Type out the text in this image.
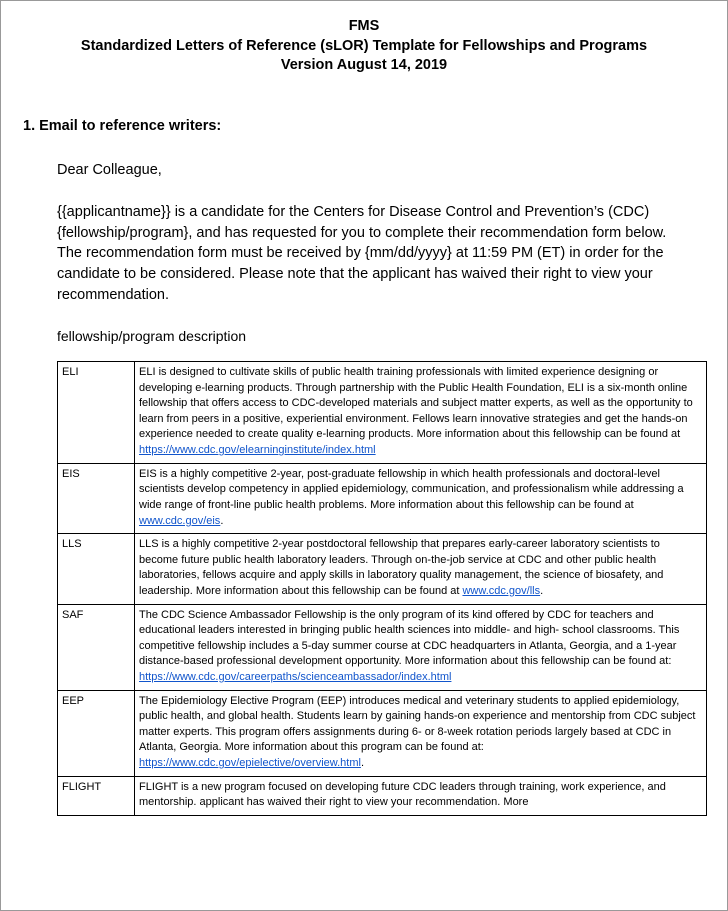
FMS
Standardized Letters of Reference (sLOR) Template for Fellowships and Programs
Version August 14, 2019
1. Email to reference writers:
Dear Colleague,
{{applicantname}} is a candidate for the Centers for Disease Control and Prevention’s (CDC) {fellowship/program}, and has requested for you to complete their recommendation form below. The recommendation form must be received by {mm/dd/yyyy} at 11:59 PM (ET) in order for the candidate to be considered. Please note that the applicant has waived their right to view your recommendation.
fellowship/program description
ELI	ELI is designed to cultivate skills of public health training professionals with limited experience designing or developing e-learning products. Through partnership with the Public Health Foundation, ELI is a six-month online fellowship that offers access to CDC-developed materials and subject matter experts, as well as the opportunity to learn from peers in a positive, experiential environment. Fellows learn innovative strategies and get the hands-on experience needed to create quality e-learning products. More information about this fellowship can be found at https://www.cdc.gov/elearninginstitute/index.html
EIS	EIS is a highly competitive 2-year, post-graduate fellowship in which health professionals and doctoral-level scientists develop competency in applied epidemiology, communication, and professionalism while addressing a wide range of front-line public health problems. More information about this fellowship can be found at www.cdc.gov/eis.
LLS	LLS is a highly competitive 2-year postdoctoral fellowship that prepares early-career laboratory scientists to become future public health laboratory leaders. Through on-the-job service at CDC and other public health laboratories, fellows acquire and apply skills in laboratory quality management, the science of biosafety, and leadership. More information about this fellowship can be found at www.cdc.gov/lls.
SAF	The CDC Science Ambassador Fellowship is the only program of its kind offered by CDC for teachers and educational leaders interested in bringing public health sciences into middle- and high- school classrooms. This competitive fellowship includes a 5-day summer course at CDC headquarters in Atlanta, Georgia, and a 1-year distance-based professional development opportunity. More information about this fellowship can be found at: https://www.cdc.gov/careerpaths/scienceambassador/index.html
EEP	The Epidemiology Elective Program (EEP) introduces medical and veterinary students to applied epidemiology, public health, and global health. Students learn by gaining hands-on experience and mentorship from CDC subject matter experts. This program offers assignments during 6- or 8-week rotation periods largely based at CDC in Atlanta, Georgia. More information about this program can be found at: https://www.cdc.gov/epielective/overview.html.
FLIGHT	FLIGHT is a new program focused on developing future CDC leaders through training, work experience, and mentorship. applicant has waived their right to view your recommendation. More
